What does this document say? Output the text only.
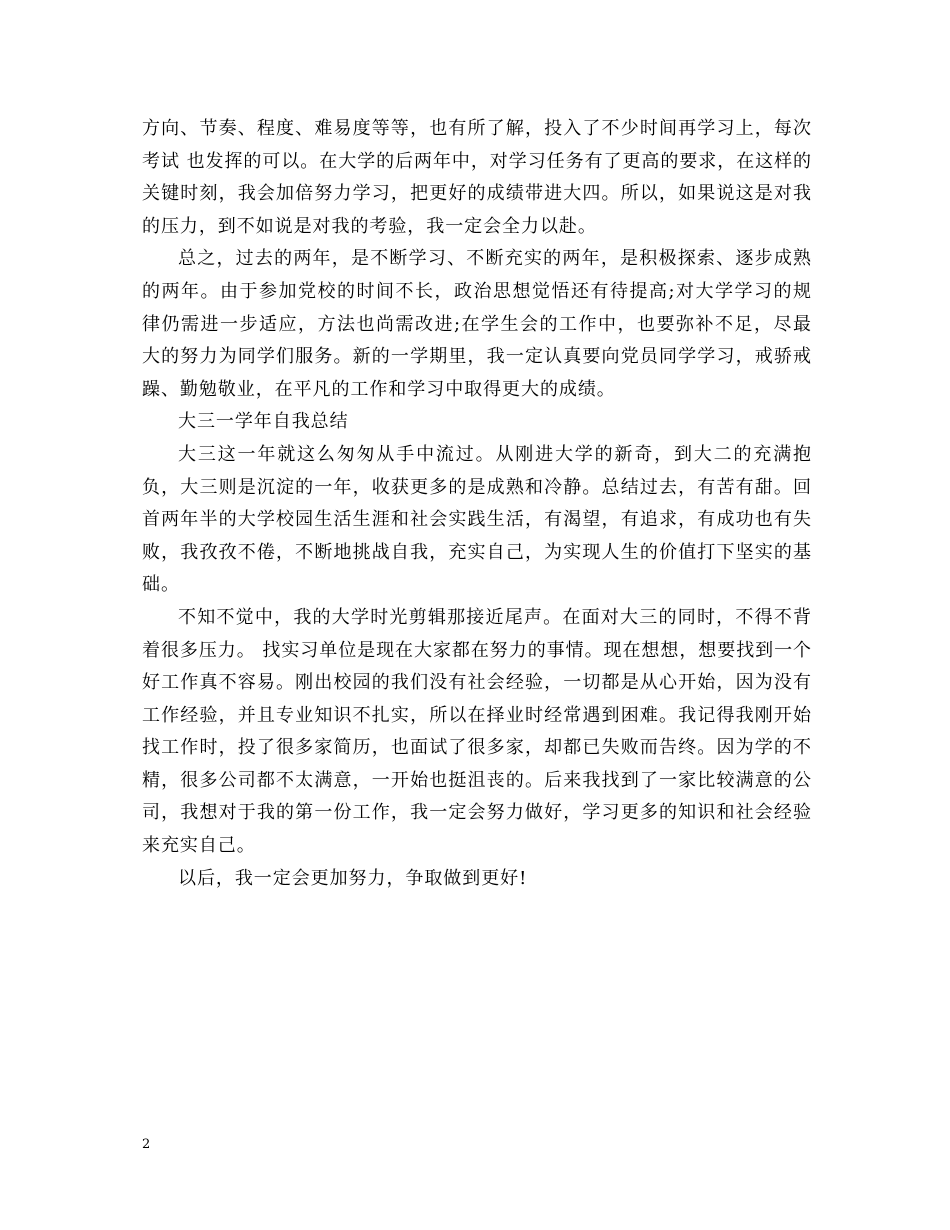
方向、节奏、程度、难易度等等，也有所了解，投入了不少时间再学习上，每次考试 也发挥的可以。在大学的后两年中，对学习任务有了更高的要求，在这样的关键时刻，我会加倍努力学习，把更好的成绩带进大四。所以，如果说这是对我的压力，到不如说是对我的考验，我一定会全力以赴。

总之，过去的两年，是不断学习、不断充实的两年，是积极探索、逐步成熟的两年。由于参加党校的时间不长，政治思想觉悟还有待提高;对大学学习的规律仍需进一步适应，方法也尚需改进;在学生会的工作中，也要弥补不足，尽最大的努力为同学们服务。新的一学期里，我一定认真要向党员同学学习，戒骄戒躁、勤勉敬业，在平凡的工作和学习中取得更大的成绩。

大三一学年自我总结

大三这一年就这么匆匆从手中流过。从刚进大学的新奇，到大二的充满抱负，大三则是沉淀的一年，收获更多的是成熟和冷静。总结过去，有苦有甜。回首两年半的大学校园生活生涯和社会实践生活，有渴望，有追求，有成功也有失败，我孜孜不倦，不断地挑战自我，充实自己，为实现人生的价值打下坚实的基础。

不知不觉中，我的大学时光剪辑那接近尾声。在面对大三的同时，不得不背着很多压力。 找实习单位是现在大家都在努力的事情。现在想想，想要找到一个好工作真不容易。刚出校园的我们没有社会经验，一切都是从心开始，因为没有工作经验，并且专业知识不扎实，所以在择业时经常遇到困难。我记得我刚开始找工作时，投了很多家简历，也面试了很多家，却都已失败而告终。因为学的不精，很多公司都不太满意，一开始也挺沮丧的。后来我找到了一家比较满意的公司，我想对于我的第一份工作，我一定会努力做好，学习更多的知识和社会经验来充实自己。

以后，我一定会更加努力，争取做到更好!

2
